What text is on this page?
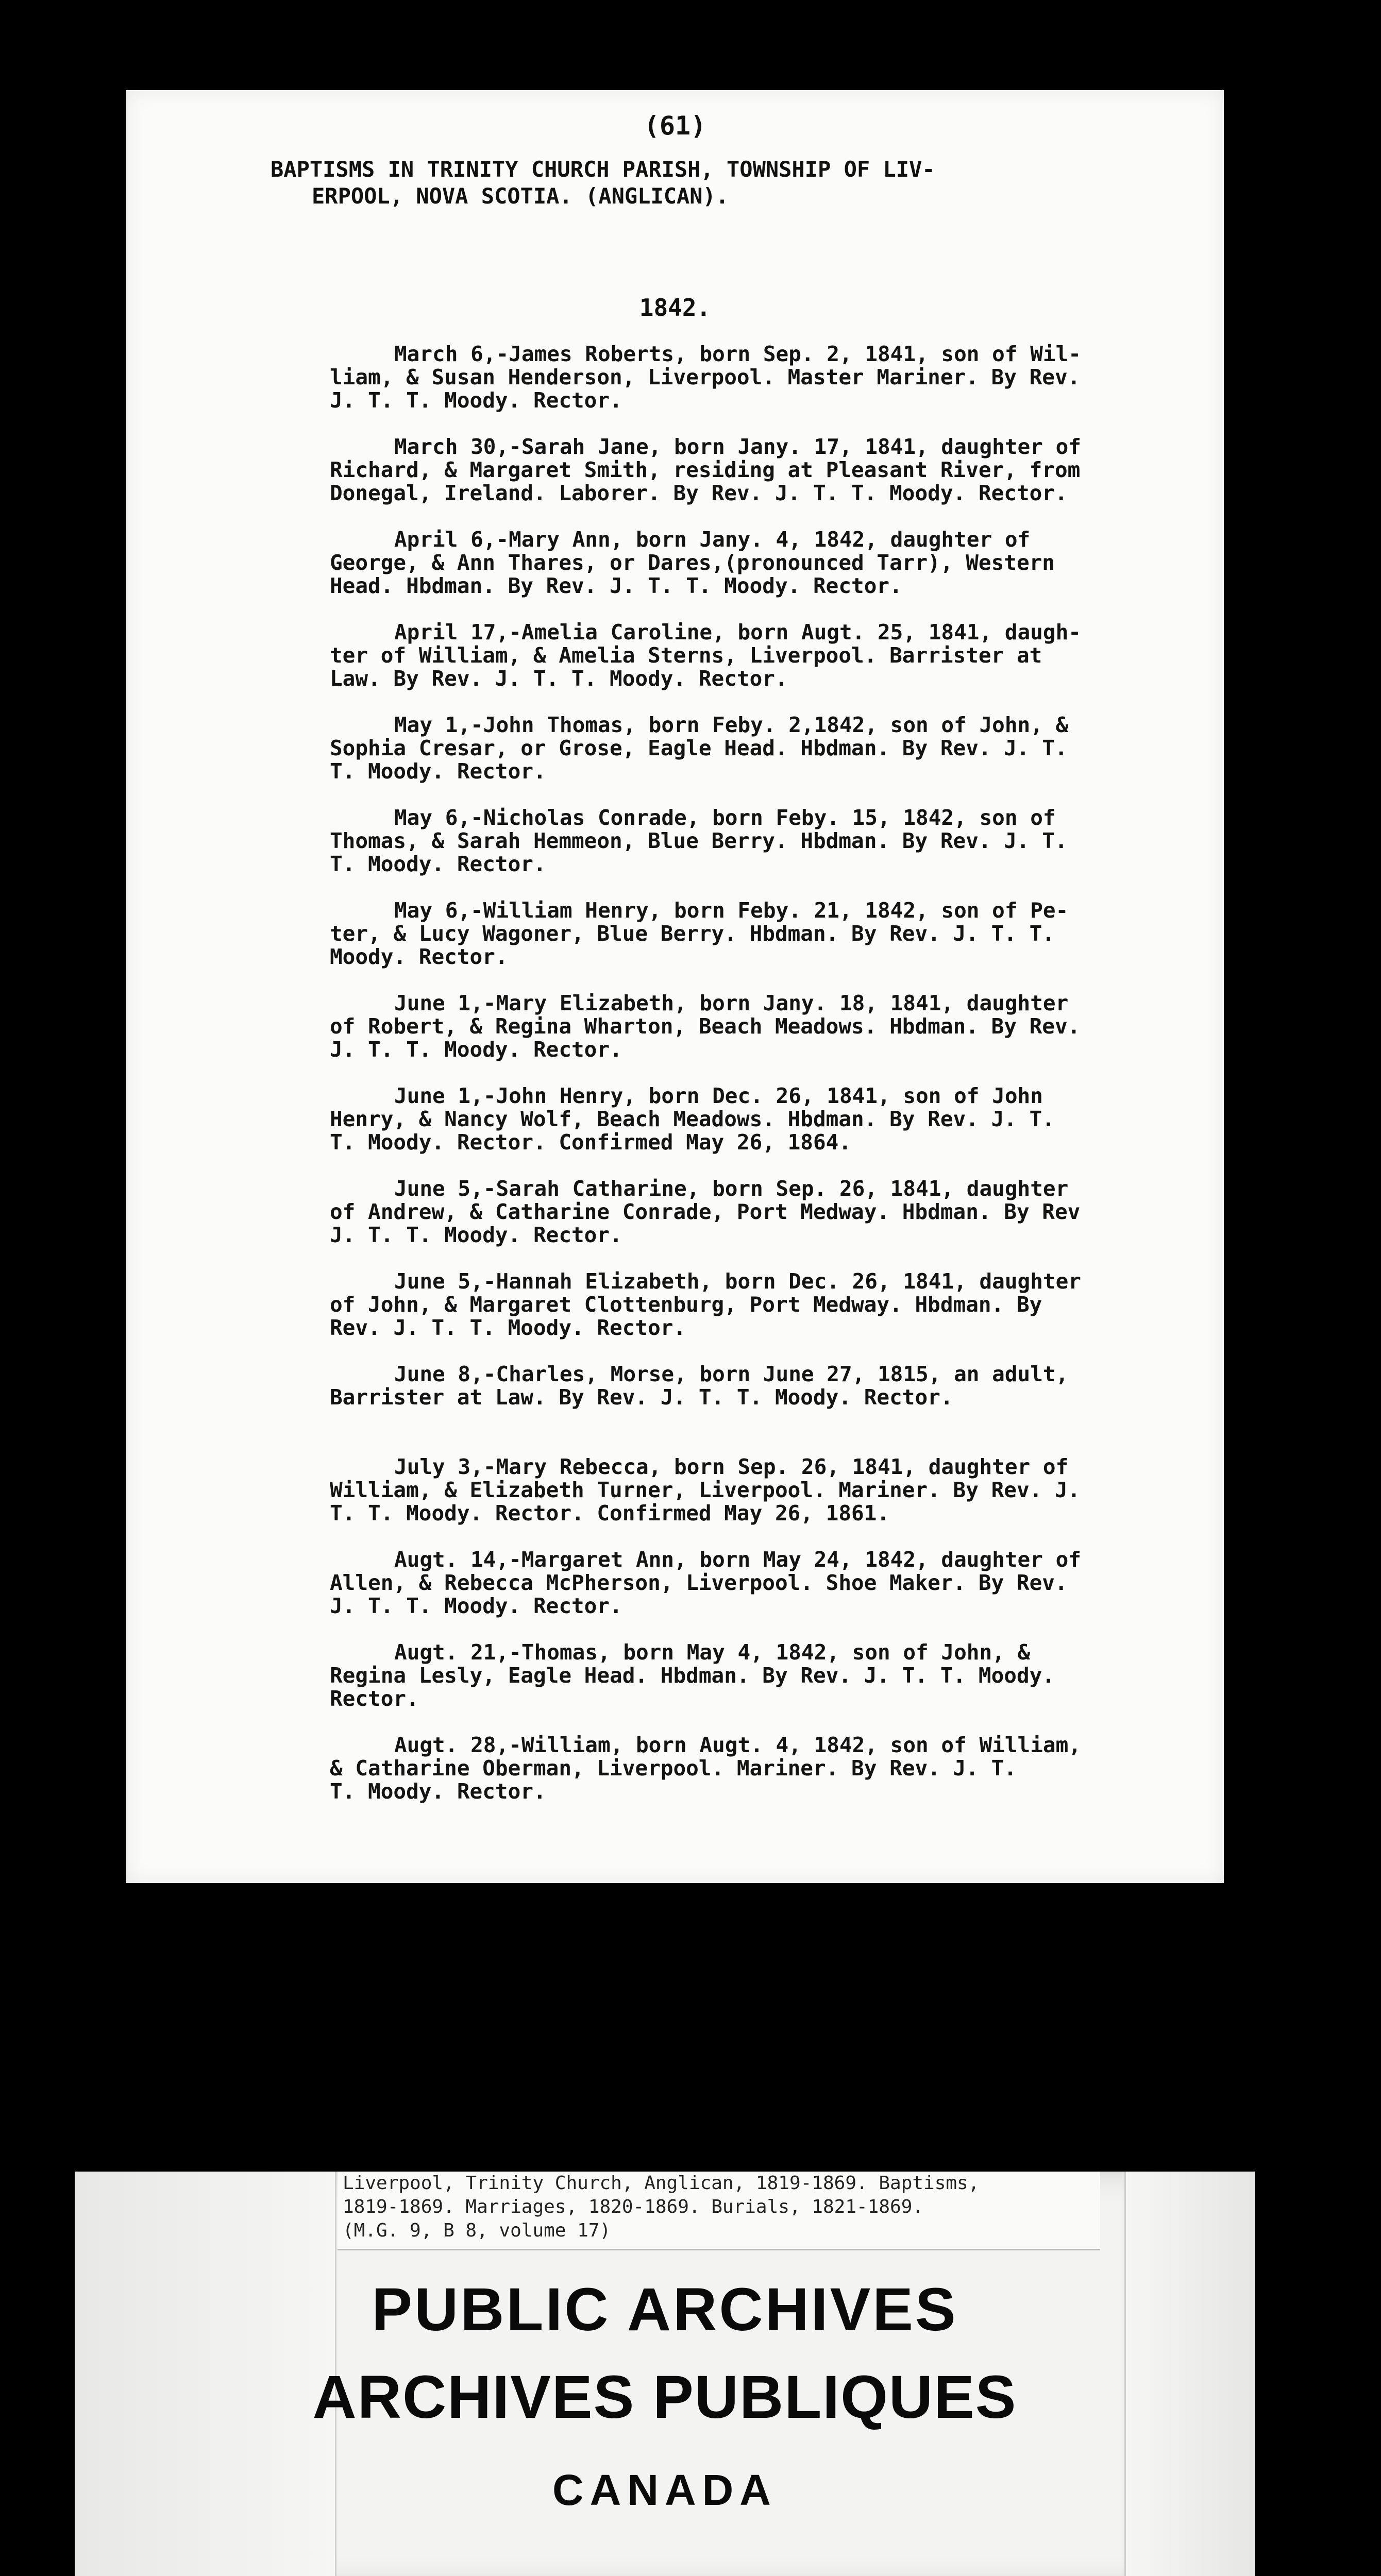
(61)
BAPTISMS IN TRINITY CHURCH PARISH, TOWNSHIP OF LIV-
ERPOOL, NOVA SCOTIA. (ANGLICAN).
1842.
March 6,-James Roberts, born Sep. 2, 1841, son of Wil-
liam, & Susan Henderson, Liverpool. Master Mariner. By Rev.
J. T. T. Moody. Rector.
March 30,-Sarah Jane, born Jany. 17, 1841, daughter of
Richard, & Margaret Smith, residing at Pleasant River, from
Donegal, Ireland. Laborer. By Rev. J. T. T. Moody. Rector.
April 6,-Mary Ann, born Jany. 4, 1842, daughter of
George, & Ann Thares, or Dares,(pronounced Tarr), Western
Head. Hbdman. By Rev. J. T. T. Moody. Rector.
April 17,-Amelia Caroline, born Augt. 25, 1841, daugh-
ter of William, & Amelia Sterns, Liverpool. Barrister at
Law. By Rev. J. T. T. Moody. Rector.
May 1,-John Thomas, born Feby. 2,1842, son of John, &
Sophia Cresar, or Grose, Eagle Head. Hbdman. By Rev. J. T.
T. Moody. Rector.
May 6,-Nicholas Conrade, born Feby. 15, 1842, son of
Thomas, & Sarah Hemmeon, Blue Berry. Hbdman. By Rev. J. T.
T. Moody. Rector.
May 6,-William Henry, born Feby. 21, 1842, son of Pe-
ter, & Lucy Wagoner, Blue Berry. Hbdman. By Rev. J. T. T.
Moody. Rector.
June 1,-Mary Elizabeth, born Jany. 18, 1841, daughter
of Robert, & Regina Wharton, Beach Meadows. Hbdman. By Rev.
J. T. T. Moody. Rector.
June 1,-John Henry, born Dec. 26, 1841, son of John
Henry, & Nancy Wolf, Beach Meadows. Hbdman. By Rev. J. T.
T. Moody. Rector. Confirmed May 26, 1864.
June 5,-Sarah Catharine, born Sep. 26, 1841, daughter
of Andrew, & Catharine Conrade, Port Medway. Hbdman. By Rev
J. T. T. Moody. Rector.
June 5,-Hannah Elizabeth, born Dec. 26, 1841, daughter
of John, & Margaret Clottenburg, Port Medway. Hbdman. By
Rev. J. T. T. Moody. Rector.
June 8,-Charles, Morse, born June 27, 1815, an adult,
Barrister at Law. By Rev. J. T. T. Moody. Rector.
July 3,-Mary Rebecca, born Sep. 26, 1841, daughter of
William, & Elizabeth Turner, Liverpool. Mariner. By Rev. J.
T. T. Moody. Rector. Confirmed May 26, 1861.
Augt. 14,-Margaret Ann, born May 24, 1842, daughter of
Allen, & Rebecca McPherson, Liverpool. Shoe Maker. By Rev.
J. T. T. Moody. Rector.
Augt. 21,-Thomas, born May 4, 1842, son of John, &
Regina Lesly, Eagle Head. Hbdman. By Rev. J. T. T. Moody.
Rector.
Augt. 28,-William, born Augt. 4, 1842, son of William,
& Catharine Oberman, Liverpool. Mariner. By Rev. J. T.
T. Moody. Rector.
Liverpool, Trinity Church, Anglican, 1819-1869. Baptisms,
1819-1869. Marriages, 1820-1869. Burials, 1821-1869.
(M.G. 9, B 8, volume 17)
PUBLIC ARCHIVES
ARCHIVES PUBLIQUES
CANADA
